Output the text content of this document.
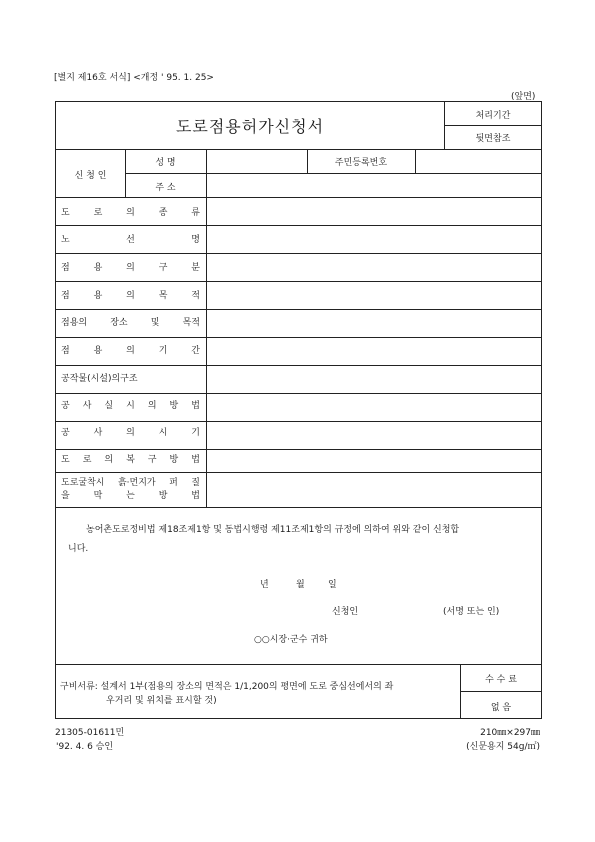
[별지 제16호 서식] <개정 ' 95. 1. 25>
(앞면)
도로점용허가신청서
처리기간
뒷면참조
신 청 인
성 명	주민등록번호
주 소
도	로	의	종	류
노	선	명
점	용	의	구	분
점	용	의	목	적
점용의	장소	및	목적
점	용	의	기	간
공작물(시설)의구조
공 사 실 시 의 방 법
공	사	의	시	기
도 로 의 복 구 방 법
도로굴착시 흙·먼지가 퍼 질
을	막	는	방	법
농어촌도로정비법 제18조제1항 및 동법시행령 제11조제1항의 규정에 의하여 위와 같이 신청합
니다.
년	월	일
신청인	(서명 또는 인)
○○시장·군수 귀하
구비서류: 설계서 1부(점용의 장소의 면적은 1/1,200의 평면에 도로 중심선에서의 좌
우거리 및 위치를 표시할 것)
수 수 료
없 음
21305-01611민
'92. 4. 6 승인
210㎜×297㎜
(신문용지 54g/㎡)
